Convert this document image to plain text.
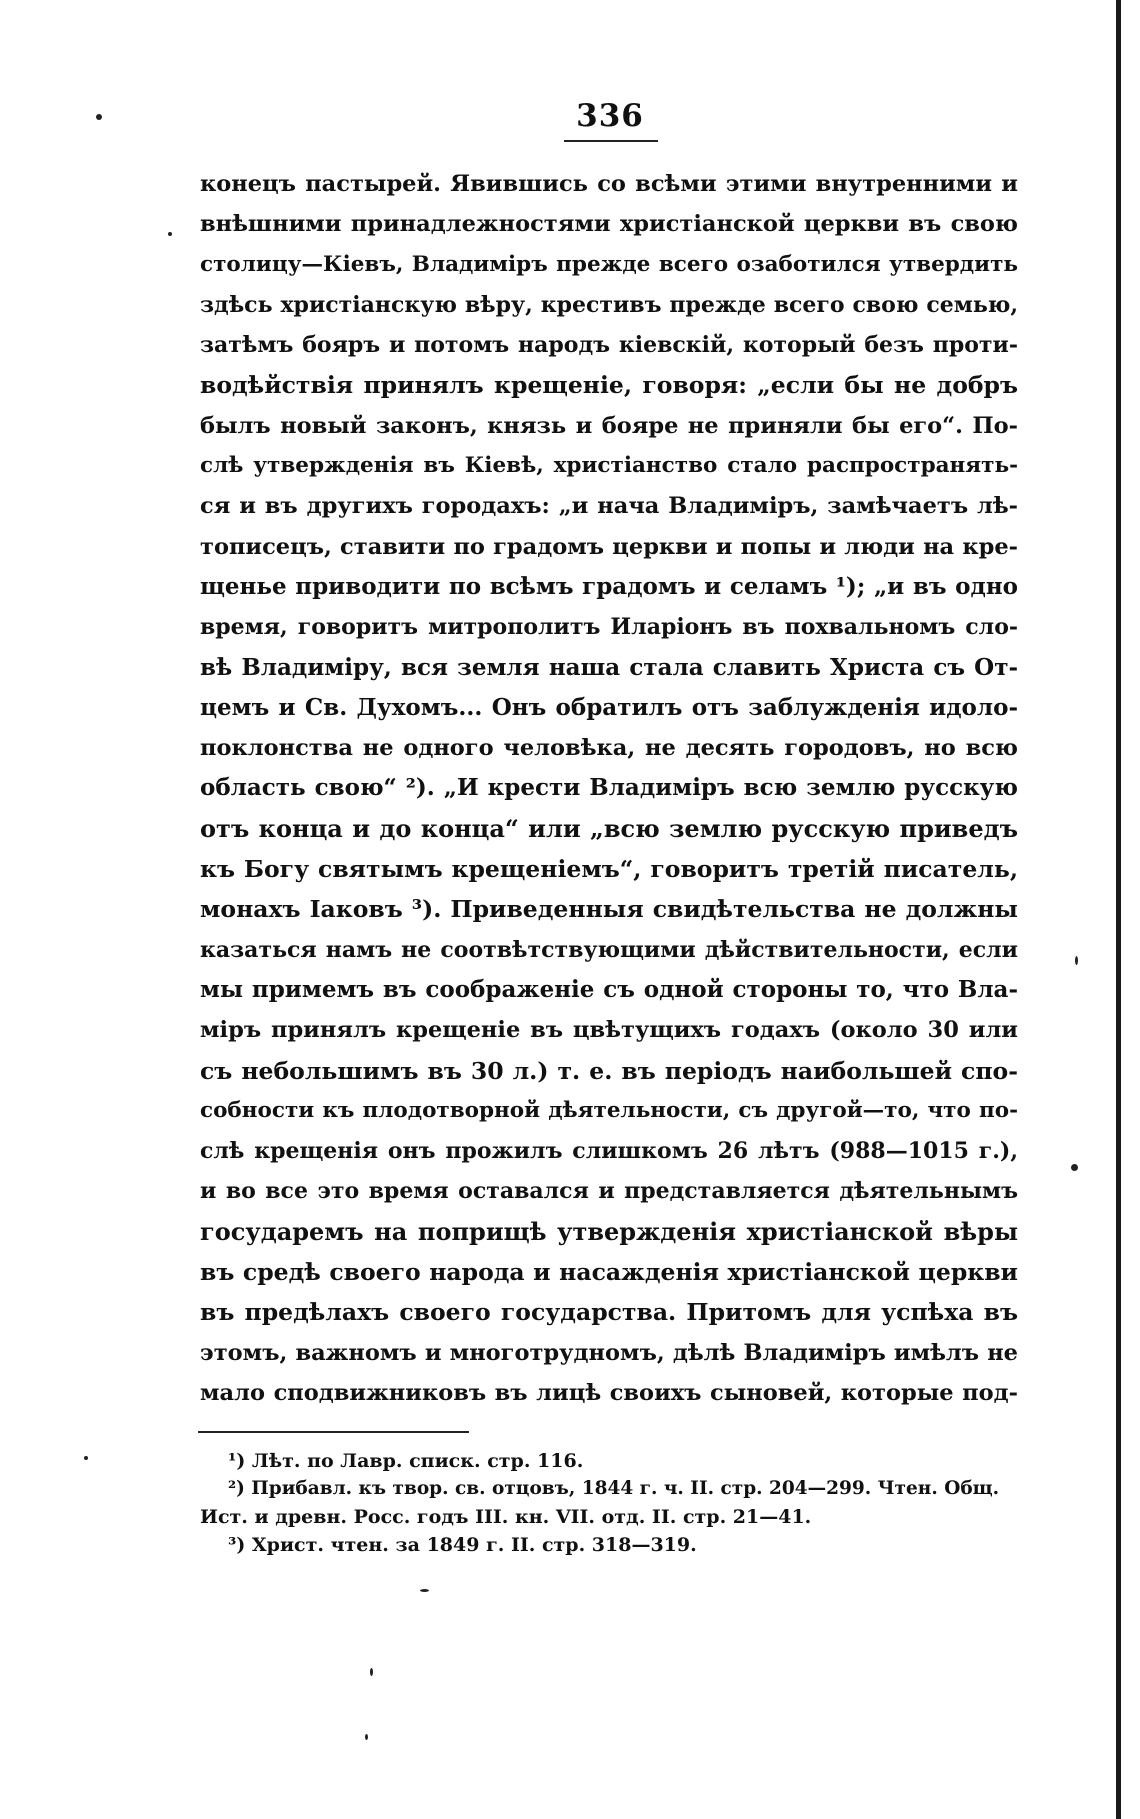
336
конецъ пастырей. Явившись со всѣми этими внутренними и
внѣшними принадлежностями христіанской церкви въ свою
столицу—Кіевъ, Владиміръ прежде всего озаботился утвердить
здѣсь христіанскую вѣру, крестивъ прежде всего свою семью,
затѣмъ бояръ и потомъ народъ кіевскій, который безъ проти-
водѣйствія принялъ крещеніе, говоря: „если бы не добръ
былъ новый законъ, князь и бояре не приняли бы его“. По-
слѣ утвержденія въ Кіевѣ, христіанство стало распространять-
ся и въ другихъ городахъ: „и нача Владиміръ, замѣчаетъ лѣ-
тописецъ, ставити по градомъ церкви и попы и люди на кре-
щенье приводити по всѣмъ градомъ и селамъ ¹); „и въ одно
время, говоритъ митрополитъ Иларіонъ въ похвальномъ сло-
вѣ Владиміру, вся земля наша стала славить Христа съ От-
цемъ и Св. Духомъ... Онъ обратилъ отъ заблужденія идоло-
поклонства не одного человѣка, не десять городовъ, но всю
область свою“ ²). „И крести Владиміръ всю землю русскую
отъ конца и до конца“ или „всю землю русскую приведъ
къ Богу святымъ крещеніемъ“, говоритъ третій писатель,
монахъ Іаковъ ³). Приведенныя свидѣтельства не должны
казаться намъ не соотвѣтствующими дѣйствительности, если
мы примемъ въ соображеніе съ одной стороны то, что Вла-
міръ принялъ крещеніе въ цвѣтущихъ годахъ (около 30 или
съ небольшимъ въ 30 л.) т. е. въ періодъ наибольшей спо-
собности къ плодотворной дѣятельности, съ другой—то, что по-
слѣ крещенія онъ прожилъ слишкомъ 26 лѣтъ (988—1015 г.),
и во все это время оставался и представляется дѣятельнымъ
государемъ на поприщѣ утвержденія христіанской вѣры
въ средѣ своего народа и насажденія христіанской церкви
въ предѣлахъ своего государства. Притомъ для успѣха въ
этомъ, важномъ и многотрудномъ, дѣлѣ Владиміръ имѣлъ не
мало сподвижниковъ въ лицѣ своихъ сыновей, которые под-
¹) Лѣт. по Лавр. списк. стр. 116.
²) Прибавл. къ твор. св. отцовъ, 1844 г. ч. II. стр. 204—299. Чтен. Общ.
Ист. и древн. Росс. годъ III. кн. VII. отд. II. стр. 21—41.
³) Христ. чтен. за 1849 г. II. стр. 318—319.
